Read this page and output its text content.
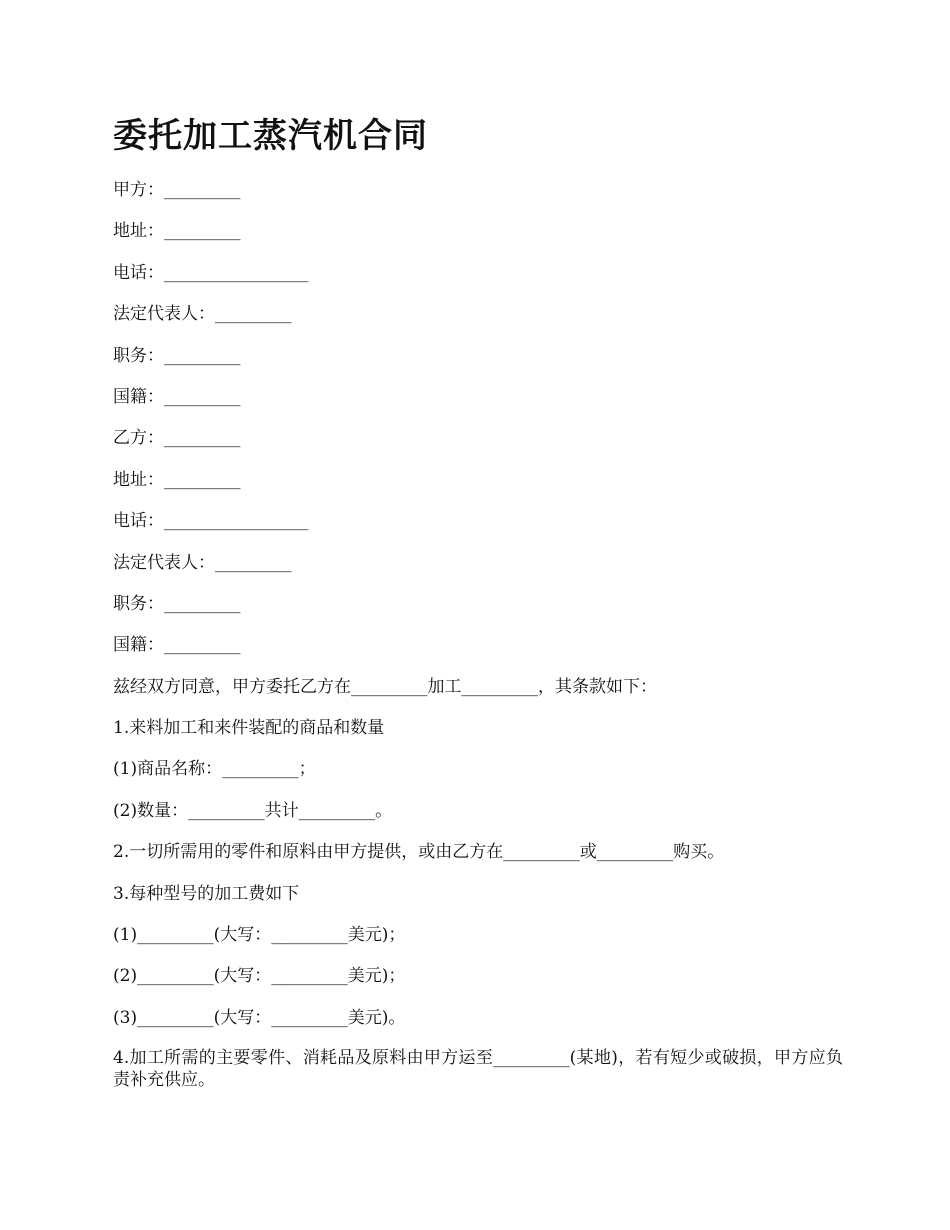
委托加工蒸汽机合同
甲方：_________
地址：_________
电话：_________________
法定代表人：_________
职务：_________
国籍：_________
乙方：_________
地址：_________
电话：_________________
法定代表人：_________
职务：_________
国籍：_________
兹经双方同意，甲方委托乙方在_________加工_________，其条款如下：
1.来料加工和来件装配的商品和数量
(1)商品名称：_________；
(2)数量：_________共计_________。
2.一切所需用的零件和原料由甲方提供，或由乙方在_________或_________购买。
3.每种型号的加工费如下
(1)_________(大写：_________美元)；
(2)_________(大写：_________美元)；
(3)_________(大写：_________美元)。

4.加工所需的主要零件、消耗品及原料由甲方运至_________(某地)，若有短少或破损，甲方应负责补充供应。
